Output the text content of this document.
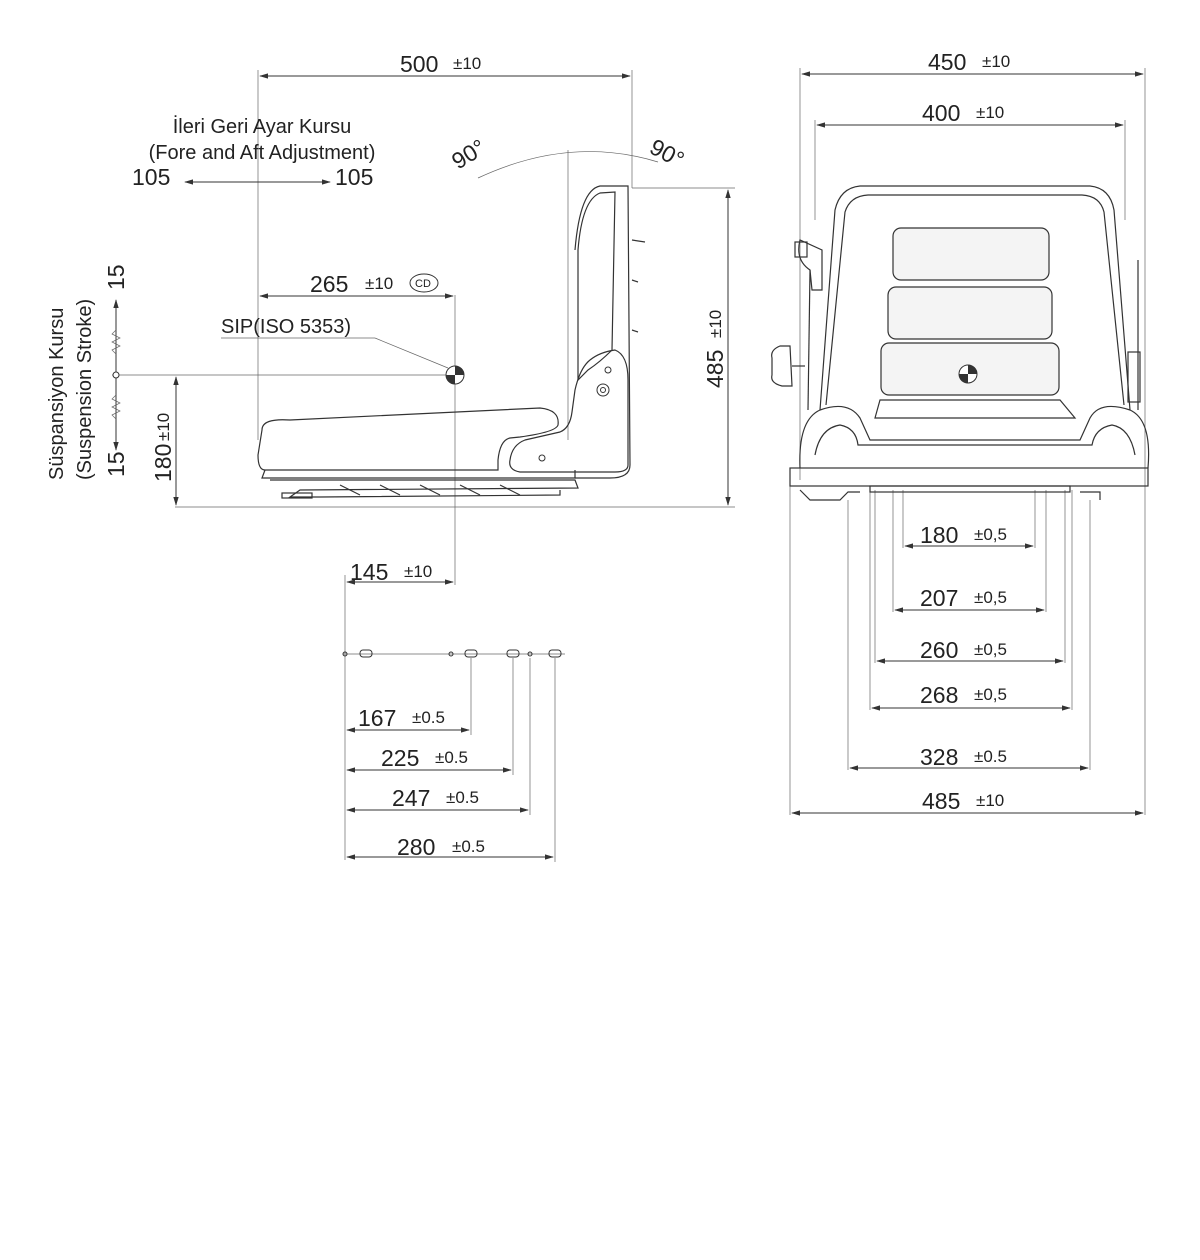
500 ±10
İleri Geri Ayar Kursu
(Fore and Aft Adjustment)
105	105
90°	90°
265 ±10 CD
SIP(ISO 5353)
485
±10
180
±10
Süspansiyon Kursu (Suspension Stroke)
15
15
145 ±10
167 ±0.5
225 ±0.5
247 ±0.5
280 ±0.5
450 ±10
400 ±10
180 ±0,5
207 ±0,5
260 ±0,5
268 ±0,5
328 ±0.5
485 ±10
